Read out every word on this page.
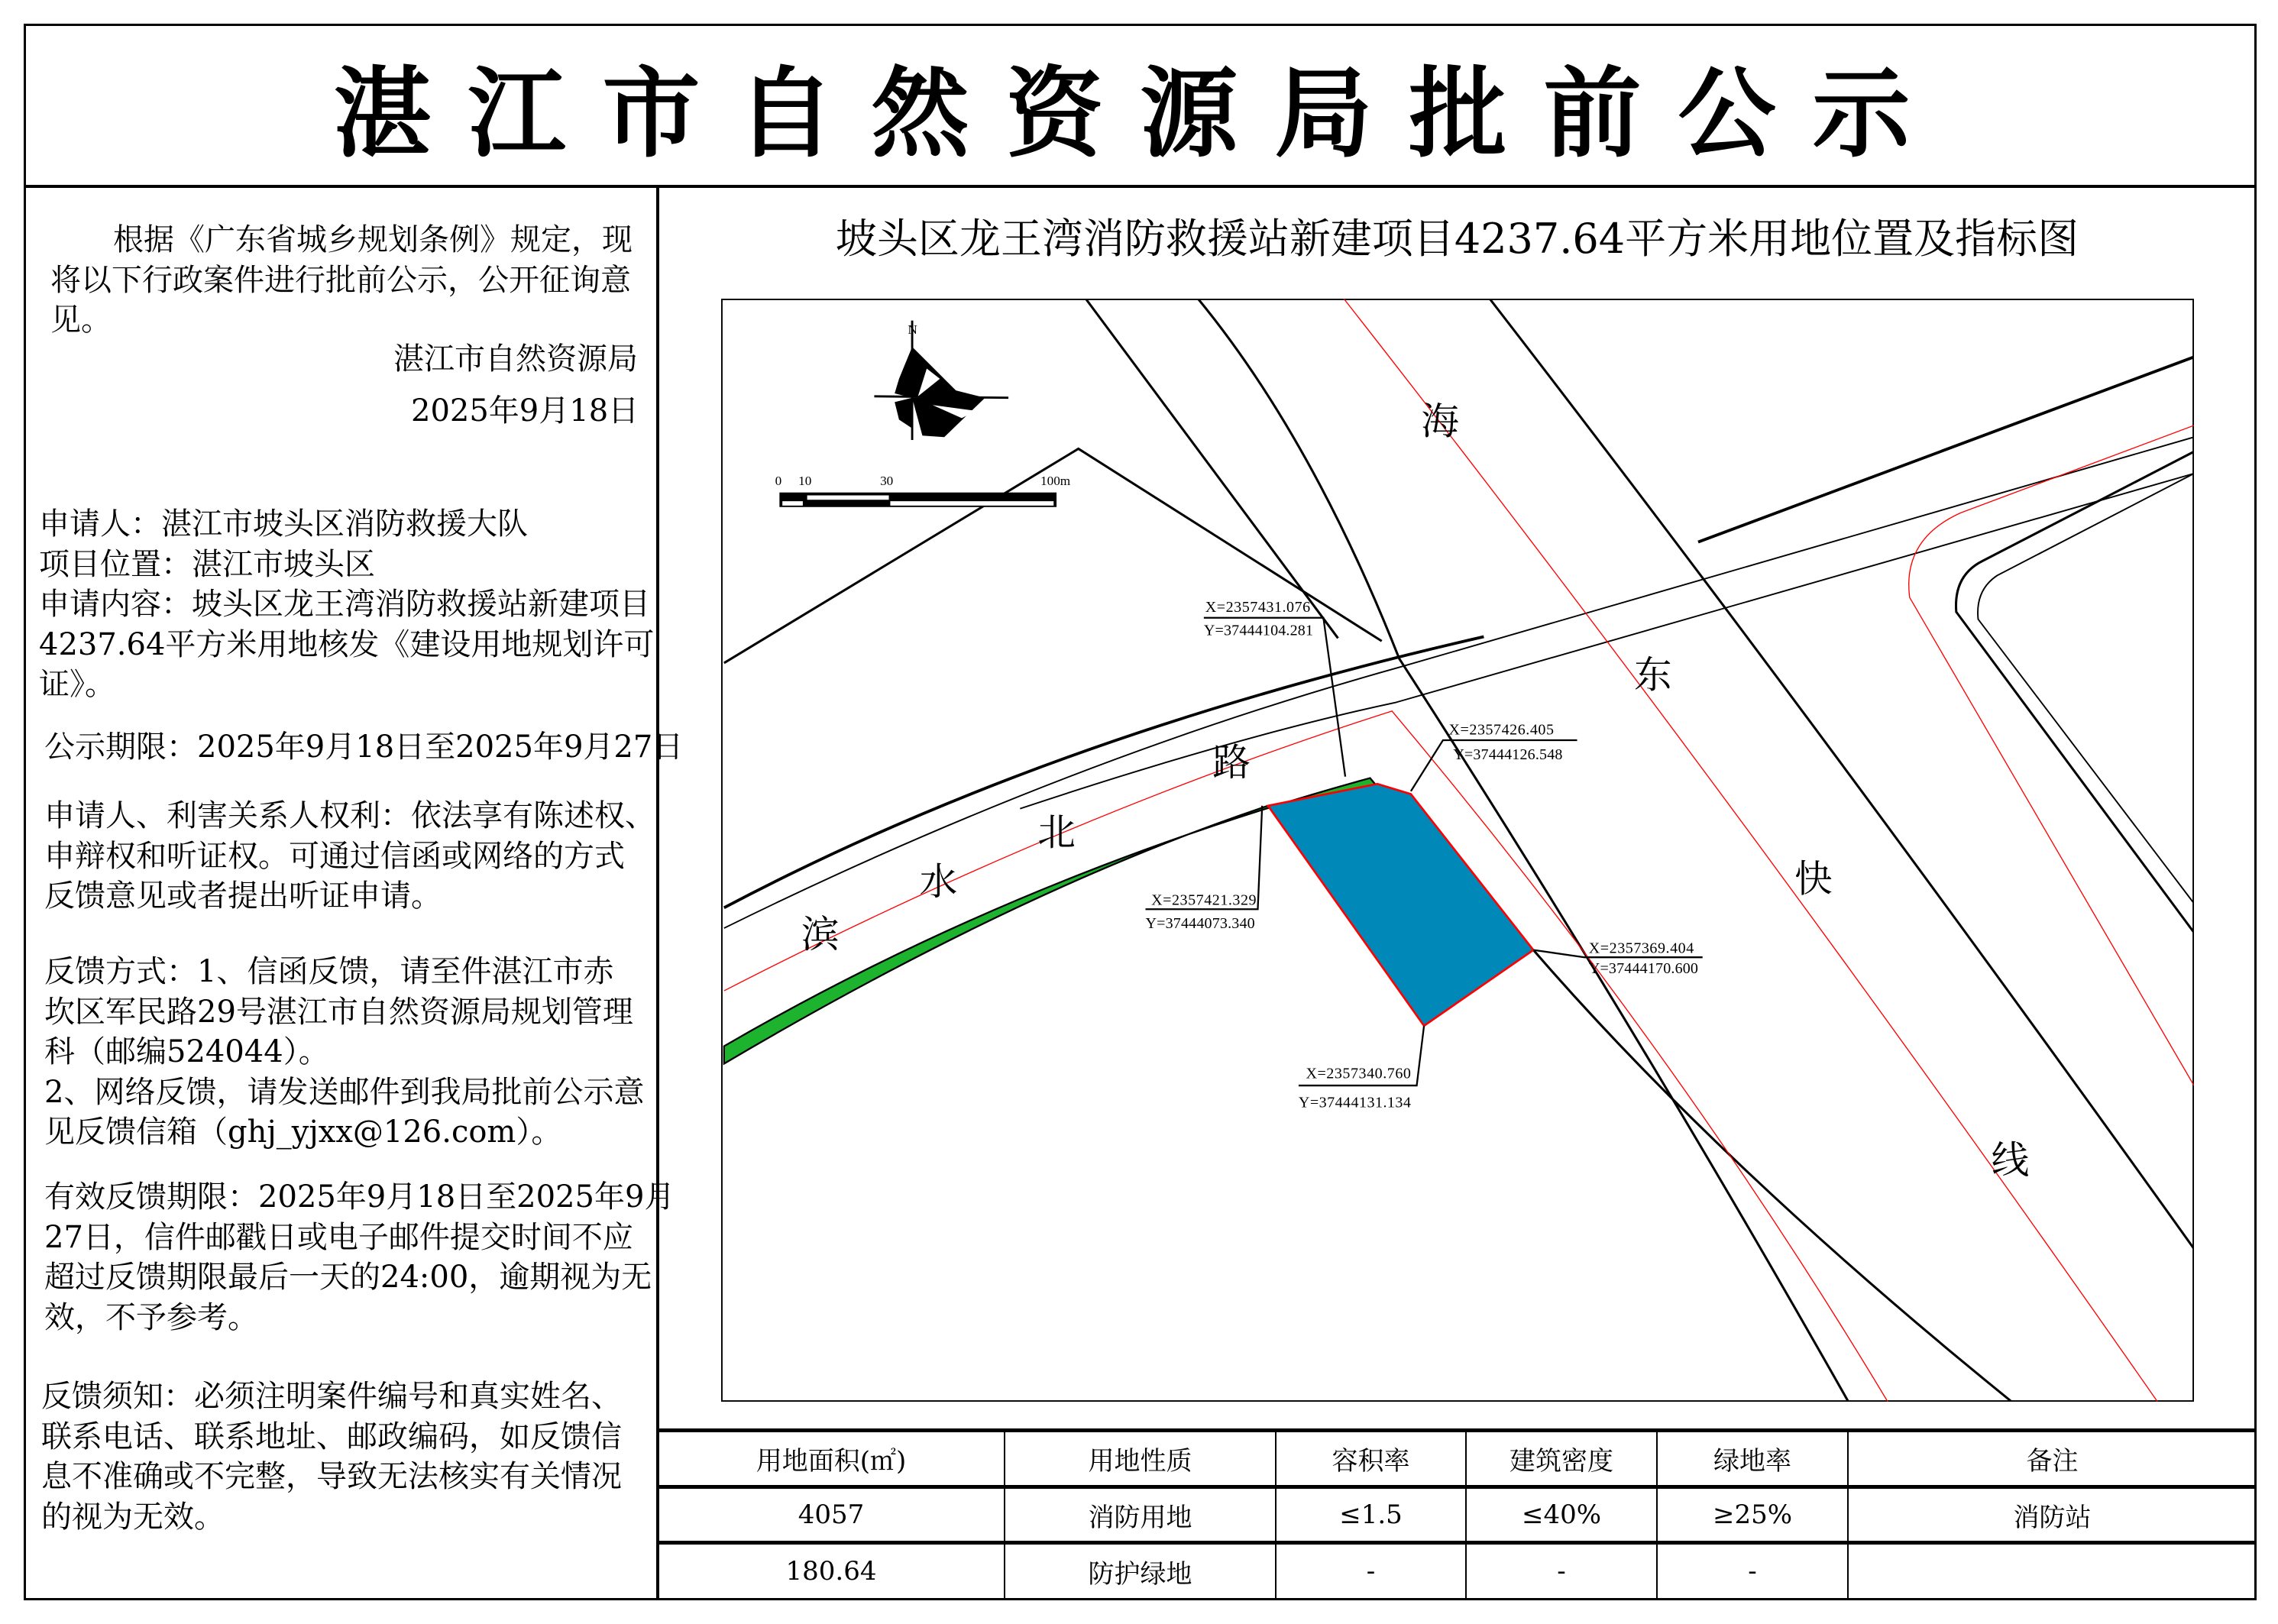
湛江市自然资源局批前公示
根据《广东省城乡规划条例》规定，现
将以下行政案件进行批前公示，公开征询意
见。
湛江市自然资源局
2025年9月18日
申请人：湛江市坡头区消防救援大队
项目位置：湛江市坡头区
申请内容：坡头区龙王湾消防救援站新建项目
4237.64平方米用地核发《建设用地规划许可
证》。
公示期限：2025年9月18日至2025年9月27日
申请人、利害关系人权利：依法享有陈述权、
申辩权和听证权。可通过信函或网络的方式
反馈意见或者提出听证申请。
反馈方式：1、信函反馈，请至件湛江市赤
坎区军民路29号湛江市自然资源局规划管理
科（邮编524044）。
2、网络反馈，请发送邮件到我局批前公示意
见反馈信箱（ghj_yjxx@126.com）。
有效反馈期限：2025年9月18日至2025年9月
27日，信件邮戳日或电子邮件提交时间不应
超过反馈期限最后一天的24:00，逾期视为无
效，不予参考。
反馈须知：必须注明案件编号和真实姓名、
联系电话、联系地址、邮政编码，如反馈信
息不准确或不完整，导致无法核实有关情况
的视为无效。
坡头区龙王湾消防救援站新建项目4237.64平方米用地位置及指标图
海
东
快
线
滨
水
北
路
X=2357431.076
Y=37444104.281
X=2357426.405
Y=37444126.548
X=2357421.329
Y=37444073.340
X=2357369.404
Y=37444170.600
X=2357340.760
Y=37444131.134
N
0 10	30	100m
用地面积(㎡)	用地性质	容积率	建筑密度	绿地率	备注
4057	消防用地	≤1.5	≤40%	≥25%	消防站
180.64	防护绿地	-	-	-
